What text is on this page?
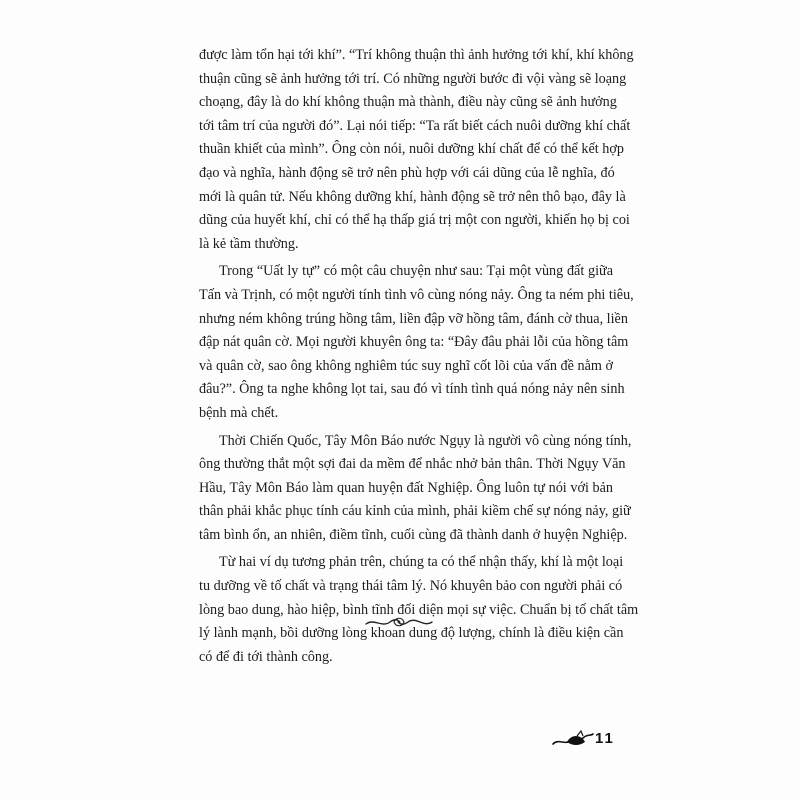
được làm tổn hại tới khí”. “Trí không thuận thì ảnh hưởng tới khí, khí không
thuận cũng sẽ ảnh hưởng tới trí. Có những người bước đi vội vàng sẽ loạng
choạng, đây là do khí không thuận mà thành, điều này cũng sẽ ảnh hưởng
tới tâm trí của người đó”. Lại nói tiếp: “Ta rất biết cách nuôi dưỡng khí chất
thuần khiết của mình”. Ông còn nói, nuôi dưỡng khí chất để có thể kết hợp
đạo và nghĩa, hành động sẽ trở nên phù hợp với cái dũng của lễ nghĩa, đó
mới là quân tử. Nếu không dưỡng khí, hành động sẽ trở nên thô bạo, đây là
dũng của huyết khí, chỉ có thể hạ thấp giá trị một con người, khiến họ bị coi
là kẻ tầm thường.
Trong “Uất ly tự” có một câu chuyện như sau: Tại một vùng đất giữa
Tấn và Trịnh, có một người tính tình vô cùng nóng nảy. Ông ta ném phi tiêu,
nhưng ném không trúng hồng tâm, liền đập vỡ hồng tâm, đánh cờ thua, liền
đập nát quân cờ. Mọi người khuyên ông ta: “Đây đâu phải lỗi của hồng tâm
và quân cờ, sao ông không nghiêm túc suy nghĩ cốt lõi của vấn đề nằm ở
đâu?”. Ông ta nghe không lọt tai, sau đó vì tính tình quá nóng nảy nên sinh
bệnh mà chết.
Thời Chiến Quốc, Tây Môn Báo nước Ngụy là người vô cùng nóng tính,
ông thường thắt một sợi đai da mềm để nhắc nhở bản thân. Thời Ngụy Văn
Hầu, Tây Môn Báo làm quan huyện đất Nghiệp. Ông luôn tự nói với bản
thân phải khắc phục tính cáu kỉnh của mình, phải kiềm chế sự nóng nảy, giữ
tâm bình ổn, an nhiên, điềm tĩnh, cuối cùng đã thành danh ở huyện Nghiệp.
Từ hai ví dụ tương phản trên, chúng ta có thể nhận thấy, khí là một loại
tu dưỡng về tố chất và trạng thái tâm lý. Nó khuyên bảo con người phải có
lòng bao dung, hào hiệp, bình tĩnh đối diện mọi sự việc. Chuẩn bị tố chất tâm
lý lành mạnh, bồi dưỡng lòng khoan dung độ lượng, chính là điều kiện cần
có để đi tới thành công.
11
